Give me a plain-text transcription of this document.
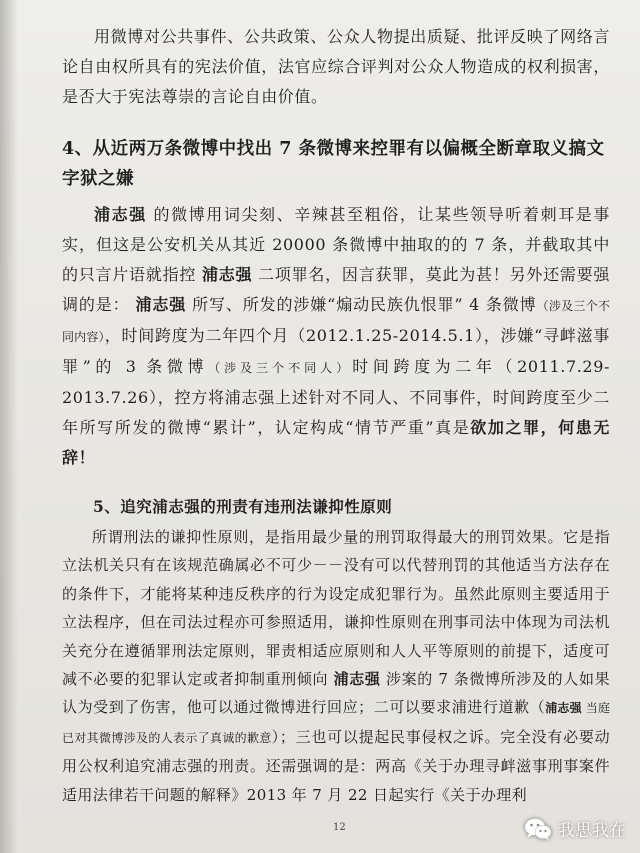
用微博对公共事件、公共政策、公众人物提出质疑、批评反映了网络言论自由权所具有的宪法价值，法官应综合评判对公众人物造成的权利损害，是否大于宪法尊崇的言论自由价值。

4、从近两万条微博中找出 7 条微博来控罪有以偏概全断章取义搞文字狱之嫌

浦志强 的微博用词尖刻、辛辣甚至粗俗，让某些领导听着刺耳是事实，但这是公安机关从其近 20000 条微博中抽取的的 7 条，并截取其中的只言片语就指控 浦志强 二项罪名，因言获罪，莫此为甚！另外还需要强调的是： 浦志强 所写、所发的涉嫌“煽动民族仇恨罪” 4 条微博（涉及三个不同内容），时间跨度为二年四个月（2012.1.25-2014.5.1），涉嫌“寻衅滋事罪”的 3 条微博（涉及三个不同人）时间跨度为二年（2011.7.29-2013.7.26），控方将浦志强上述针对不同人、不同事件，时间跨度至少二年所写所发的微博“累计”，认定构成“情节严重”真是欲加之罪，何患无辞！

5、追究浦志强的刑责有违刑法谦抑性原则

所谓刑法的谦抑性原则，是指用最少量的刑罚取得最大的刑罚效果。它是指立法机关只有在该规范确属必不可少－－没有可以代替刑罚的其他适当方法存在的条件下，才能将某种违反秩序的行为设定成犯罪行为。虽然此原则主要适用于立法程序，但在司法过程亦可参照适用，谦抑性原则在刑事司法中体现为司法机关充分在遵循罪刑法定原则，罪责相适应原则和人人平等原则的前提下，适度可减不必要的犯罪认定或者抑制重刑倾向 浦志强 涉案的 7 条微博所涉及的人如果认为受到了伤害，他可以通过微博进行回应；二可以要求浦进行道歉（浦志强 当庭已对其微博涉及的人表示了真诚的歉意）；三也可以提起民事侵权之诉。完全没有必要动用公权利追究浦志强的刑责。还需强调的是：两高《关于办理寻衅滋事刑事案件适用法律若干问题的解释》2013 年 7 月 22 日起实行《关于办理利

12	我思我在
